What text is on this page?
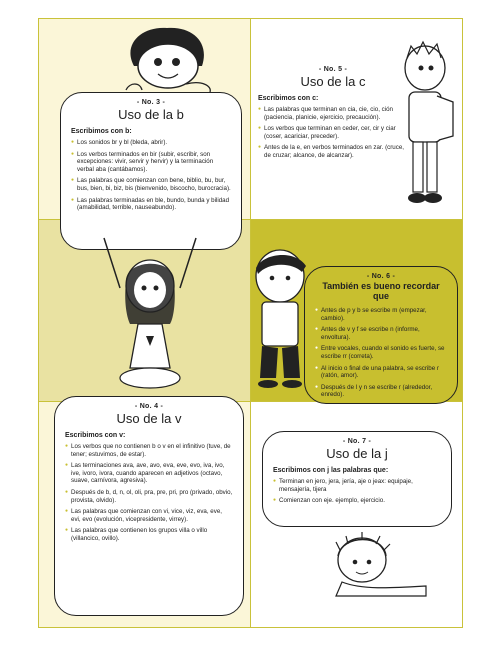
- No. 3 -
Uso de la b
Escribimos con b:
● Los sonidos br y bl (bleda, abrir).
● Los verbos terminados en bir (subir, escribir, son excepciones: vivir, servir y hervir) y la terminación verbal aba (cantábamos).
● Las palabras que comienzan con bene, biblio, bu, bur, bus, bien, bi, biz, bis (bienvenido, biscocho, burocracia).
● Las palabras terminadas en ble, bundo, bunda y bilidad (amabilidad, terrible, nauseabundo).
- No. 5 -
Uso de la c
Escribimos con c:
● Las palabras que terminan en cia, cie, cio, ción (paciencia, planicie, ejercicio, precaución).
● Los verbos que terminan en ceder, cer, cir y ciar (coser, acariciar, preceder).
● Antes de la e, en verbos terminados en zar. (cruce, de cruzar; alcance, de alcanzar).
- No. 6 -
También es bueno recordar que
● Antes de p y b se escribe m (empezar, cambio).
● Antes de v y f se escribe n (informe, envoltura).
● Entre vocales, cuando el sonido es fuerte, se escribe rr (correta).
● Al inicio o final de una palabra, se escribe r (ratón, amor).
● Después de l y n se escribe r (alrededor, enredo).
- No. 4 -
Uso de la v
Escribimos con v:
● Los verbos que no contienen b o v en el infinitivo (tuve, de tener; estuvimos, de estar).
● Las terminaciones ava, ave, avo, eva, eve, evo, iva, ivo, ive, ivoro, ivora, cuando aparecen en adjetivos (octavo, suave, carnívora, agresiva).
● Después de b, d, n, ol, oli, pra, pre, pri, pro (privado, obvio, provista, olvido).
● Las palabras que comienzan con vi, vice, viz, eva, eve, evi, evo (evolución, vicepresidente, virrey).
● Las palabras que contienen los grupos villa o villo (villancico, ovillo).
- No. 7 -
Uso de la j
Escribimos con j las palabras que:
● Terminan en jero, jera, jería, aje o jeax: equipaje, mensajería, tijera
● Comienzan con eje. ejemplo, ejercicio.
